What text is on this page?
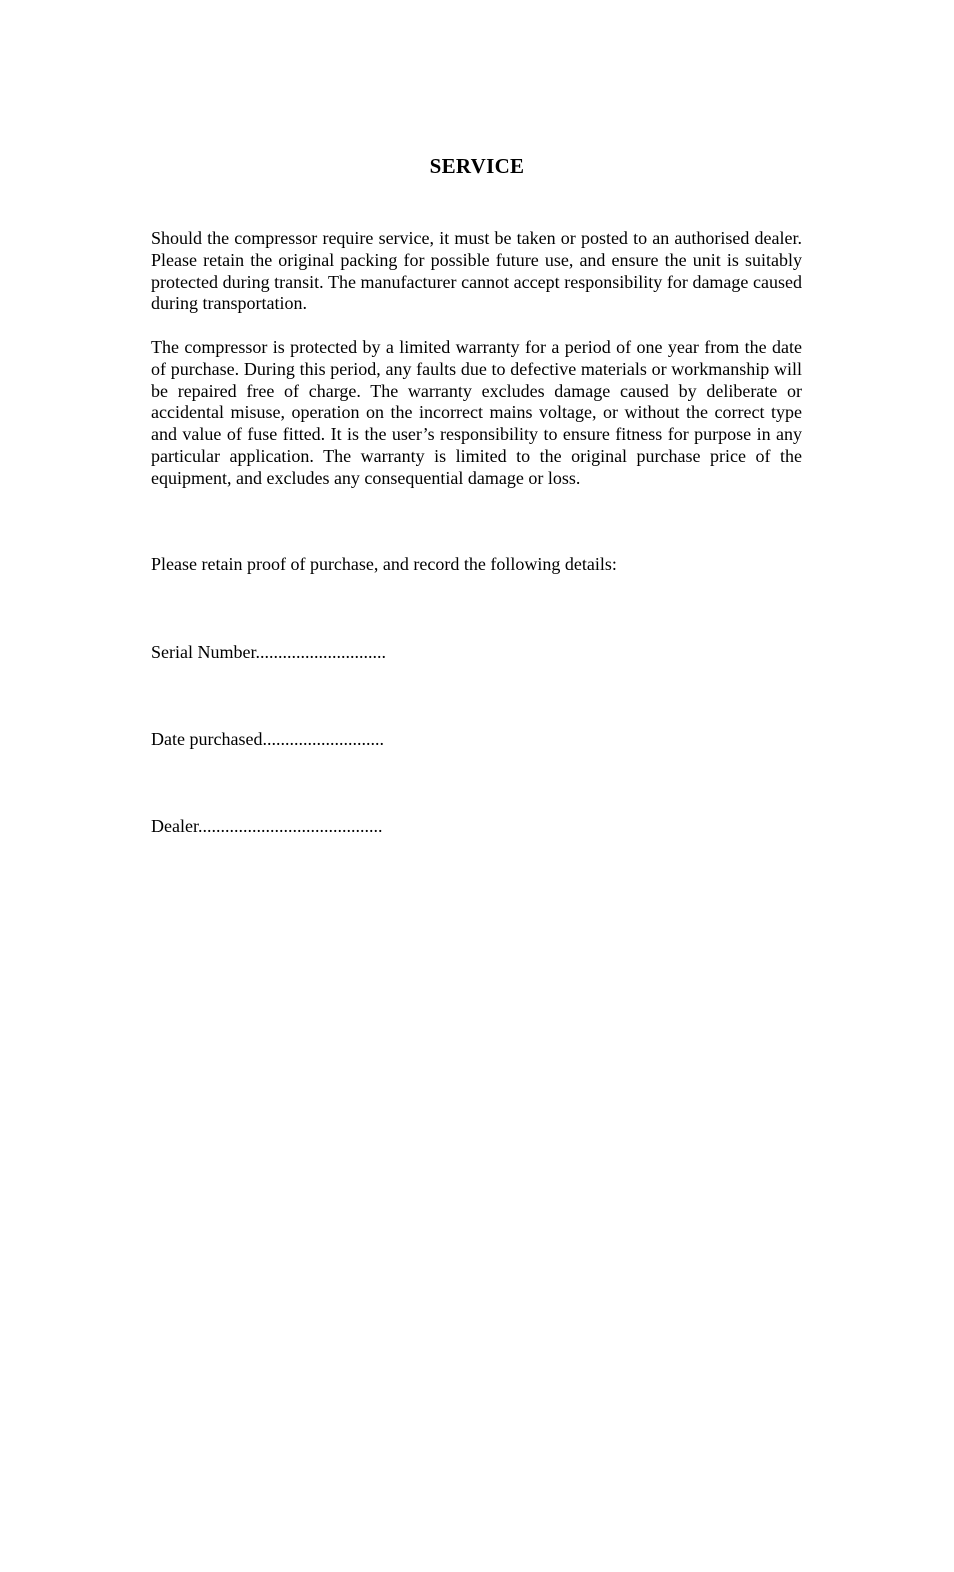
SERVICE

Should the compressor require service, it must be taken or posted to an authorised dealer. Please retain the original packing for possible future use, and ensure the unit is suitably protected during transit. The manufacturer cannot accept responsibility for damage caused during transportation.

The compressor is protected by a limited warranty for a period of one year from the date of purchase. During this period, any faults due to defective materials or workmanship will be repaired free of charge. The warranty excludes damage caused by deliberate or accidental misuse, operation on the incorrect mains voltage, or without the correct type and value of fuse fitted. It is the user’s responsibility to ensure fitness for purpose in any particular application. The warranty is limited to the original purchase price of the equipment, and excludes any consequential damage or loss.

Please retain proof of purchase, and record the following details:

Serial Number.............................

Date purchased...........................

Dealer.........................................
